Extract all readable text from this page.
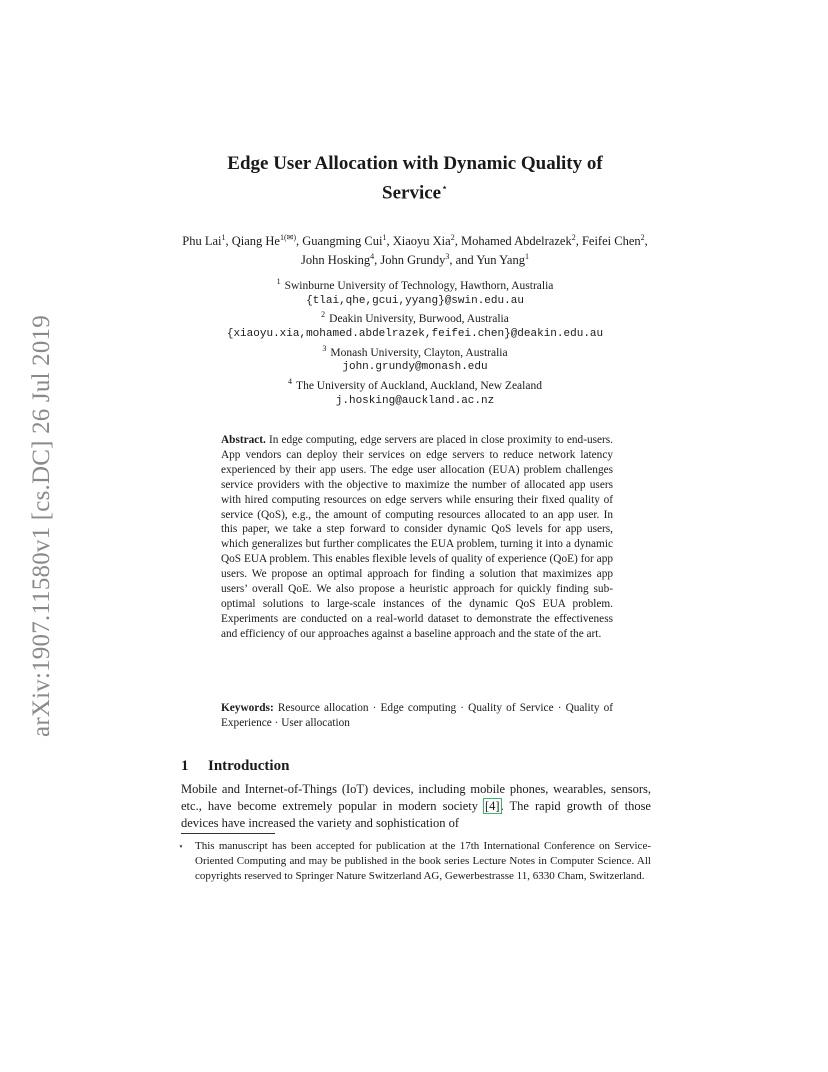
arXiv:1907.11580v1 [cs.DC] 26 Jul 2019
Edge User Allocation with Dynamic Quality of
Service⋆
Phu Lai$^1$, Qiang $He^{1(✉)}$, Guangming Cui$^1$, Xiaoyu Xia$^2$, Mohamed Abdelrazek$^2$, Feifei Chen$^2$, John Hosking$^4$, John Grundy$^3$, and Yun Yang$^1$
$^1$ Swinburne University of Technology, Hawthorn, Australia
{tlai,qhe,gcui,yyang}@swin.edu.au
$^2$ Deakin University, Burwood, Australia
{xiaoyu.xia,mohamed.abdelrazek,feifei.chen}@deakin.edu.au
$^3$ Monash University, Clayton, Australia
john.grundy@monash.edu
$^4$ The University of Auckland, Auckland, New Zealand
j.hosking@auckland.ac.nz
Abstract. In edge computing, edge servers are placed in close proximity to end-users. App vendors can deploy their services on edge servers to reduce network latency experienced by their app users. The edge user allocation (EUA) problem challenges service providers with the objective to maximize the number of allocated app users with hired computing resources on edge servers while ensuring their fixed quality of service (QoS), e.g., the amount of computing resources allocated to an app user. In this paper, we take a step forward to consider dynamic QoS levels for app users, which generalizes but further complicates the EUA problem, turning it into a dynamic QoS EUA problem. This enables flexible levels of quality of experience (QoE) for app users. We propose an optimal approach for finding a solution that maximizes app users’ overall QoE. We also propose a heuristic approach for quickly finding sub-optimal solutions to large-scale instances of the dynamic QoS EUA problem. Experiments are conducted on a real-world dataset to demonstrate the effectiveness and efficiency of our approaches against a baseline approach and the state of the art.
Keywords: Resource allocation · Edge computing · Quality of Service · Quality of Experience · User allocation
1 Introduction
Mobile and Internet-of-Things (IoT) devices, including mobile phones, wearables, sensors, etc., have become extremely popular in modern society [4]. The rapid growth of those devices have increased the variety and sophistication of
⋆ This manuscript has been accepted for publication at the 17th International Conference on Service-Oriented Computing and may be published in the book series Lecture Notes in Computer Science. All copyrights reserved to Springer Nature Switzerland AG, Gewerbestrasse 11, 6330 Cham, Switzerland.
